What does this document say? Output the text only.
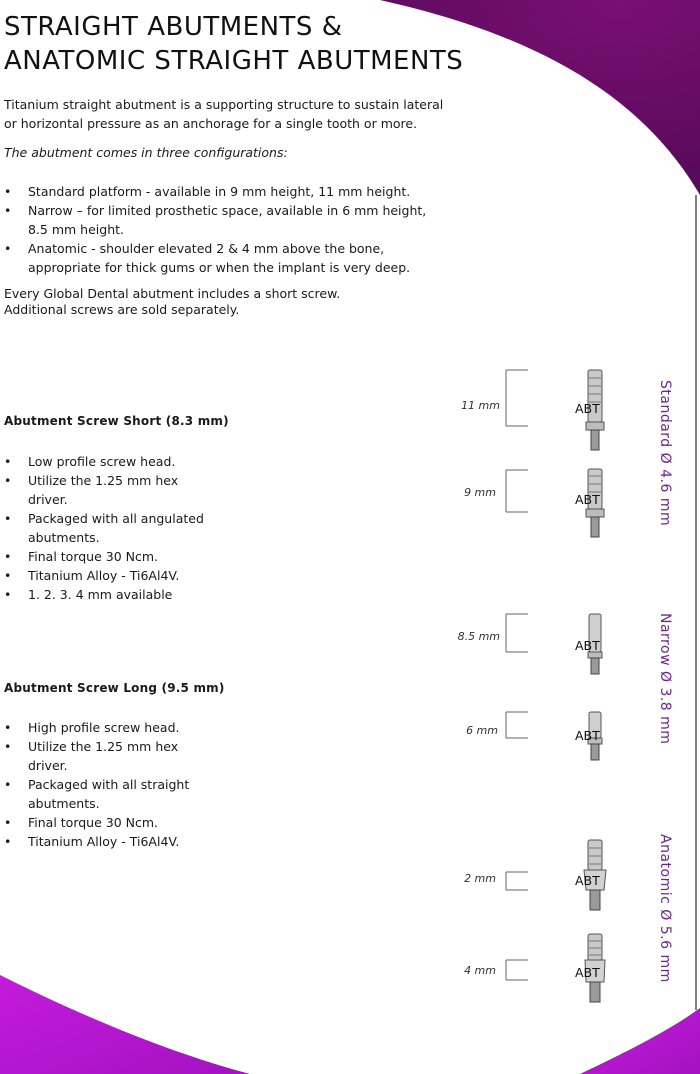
STRAIGHT ABUTMENTS &
ANATOMIC STRAIGHT ABUTMENTS

Titanium straight abutment is a supporting structure to sustain lateral or horizontal pressure as an anchorage for a single tooth or more.

The abutment comes in three configurations:

• Standard platform - available in 9 mm height, 11 mm height.
• Narrow – for limited prosthetic space, available in 6 mm height, 8.5 mm height.
• Anatomic - shoulder elevated 2 & 4 mm above the bone, appropriate for thick gums or when the implant is very deep.

Every Global Dental abutment includes a short screw.
Additional screws are sold separately.

Abutment Screw Short (8.3 mm)
• Low profile screw head.
• Utilize the 1.25 mm hex driver.
• Packaged with all angulated abutments.
• Final torque 30 Ncm.
• Titanium Alloy - Ti6Al4V.
• 1. 2. 3. 4 mm available
Abutment Screw Long (9.5 mm)
• High profile screw head.
• Utilize the 1.25 mm hex driver.
• Packaged with all straight abutments.
• Final torque 30 Ncm.
• Titanium Alloy - Ti6Al4V.
11 mm	ABT
9 mm	ABT
8.5 mm
ABT
6 mm	ABT
2 mm	ABT
4 mm	ABT
Standard Ø 4.6 mm
Narrow Ø 3.8 mm
Anatomic Ø 5.6 mm
